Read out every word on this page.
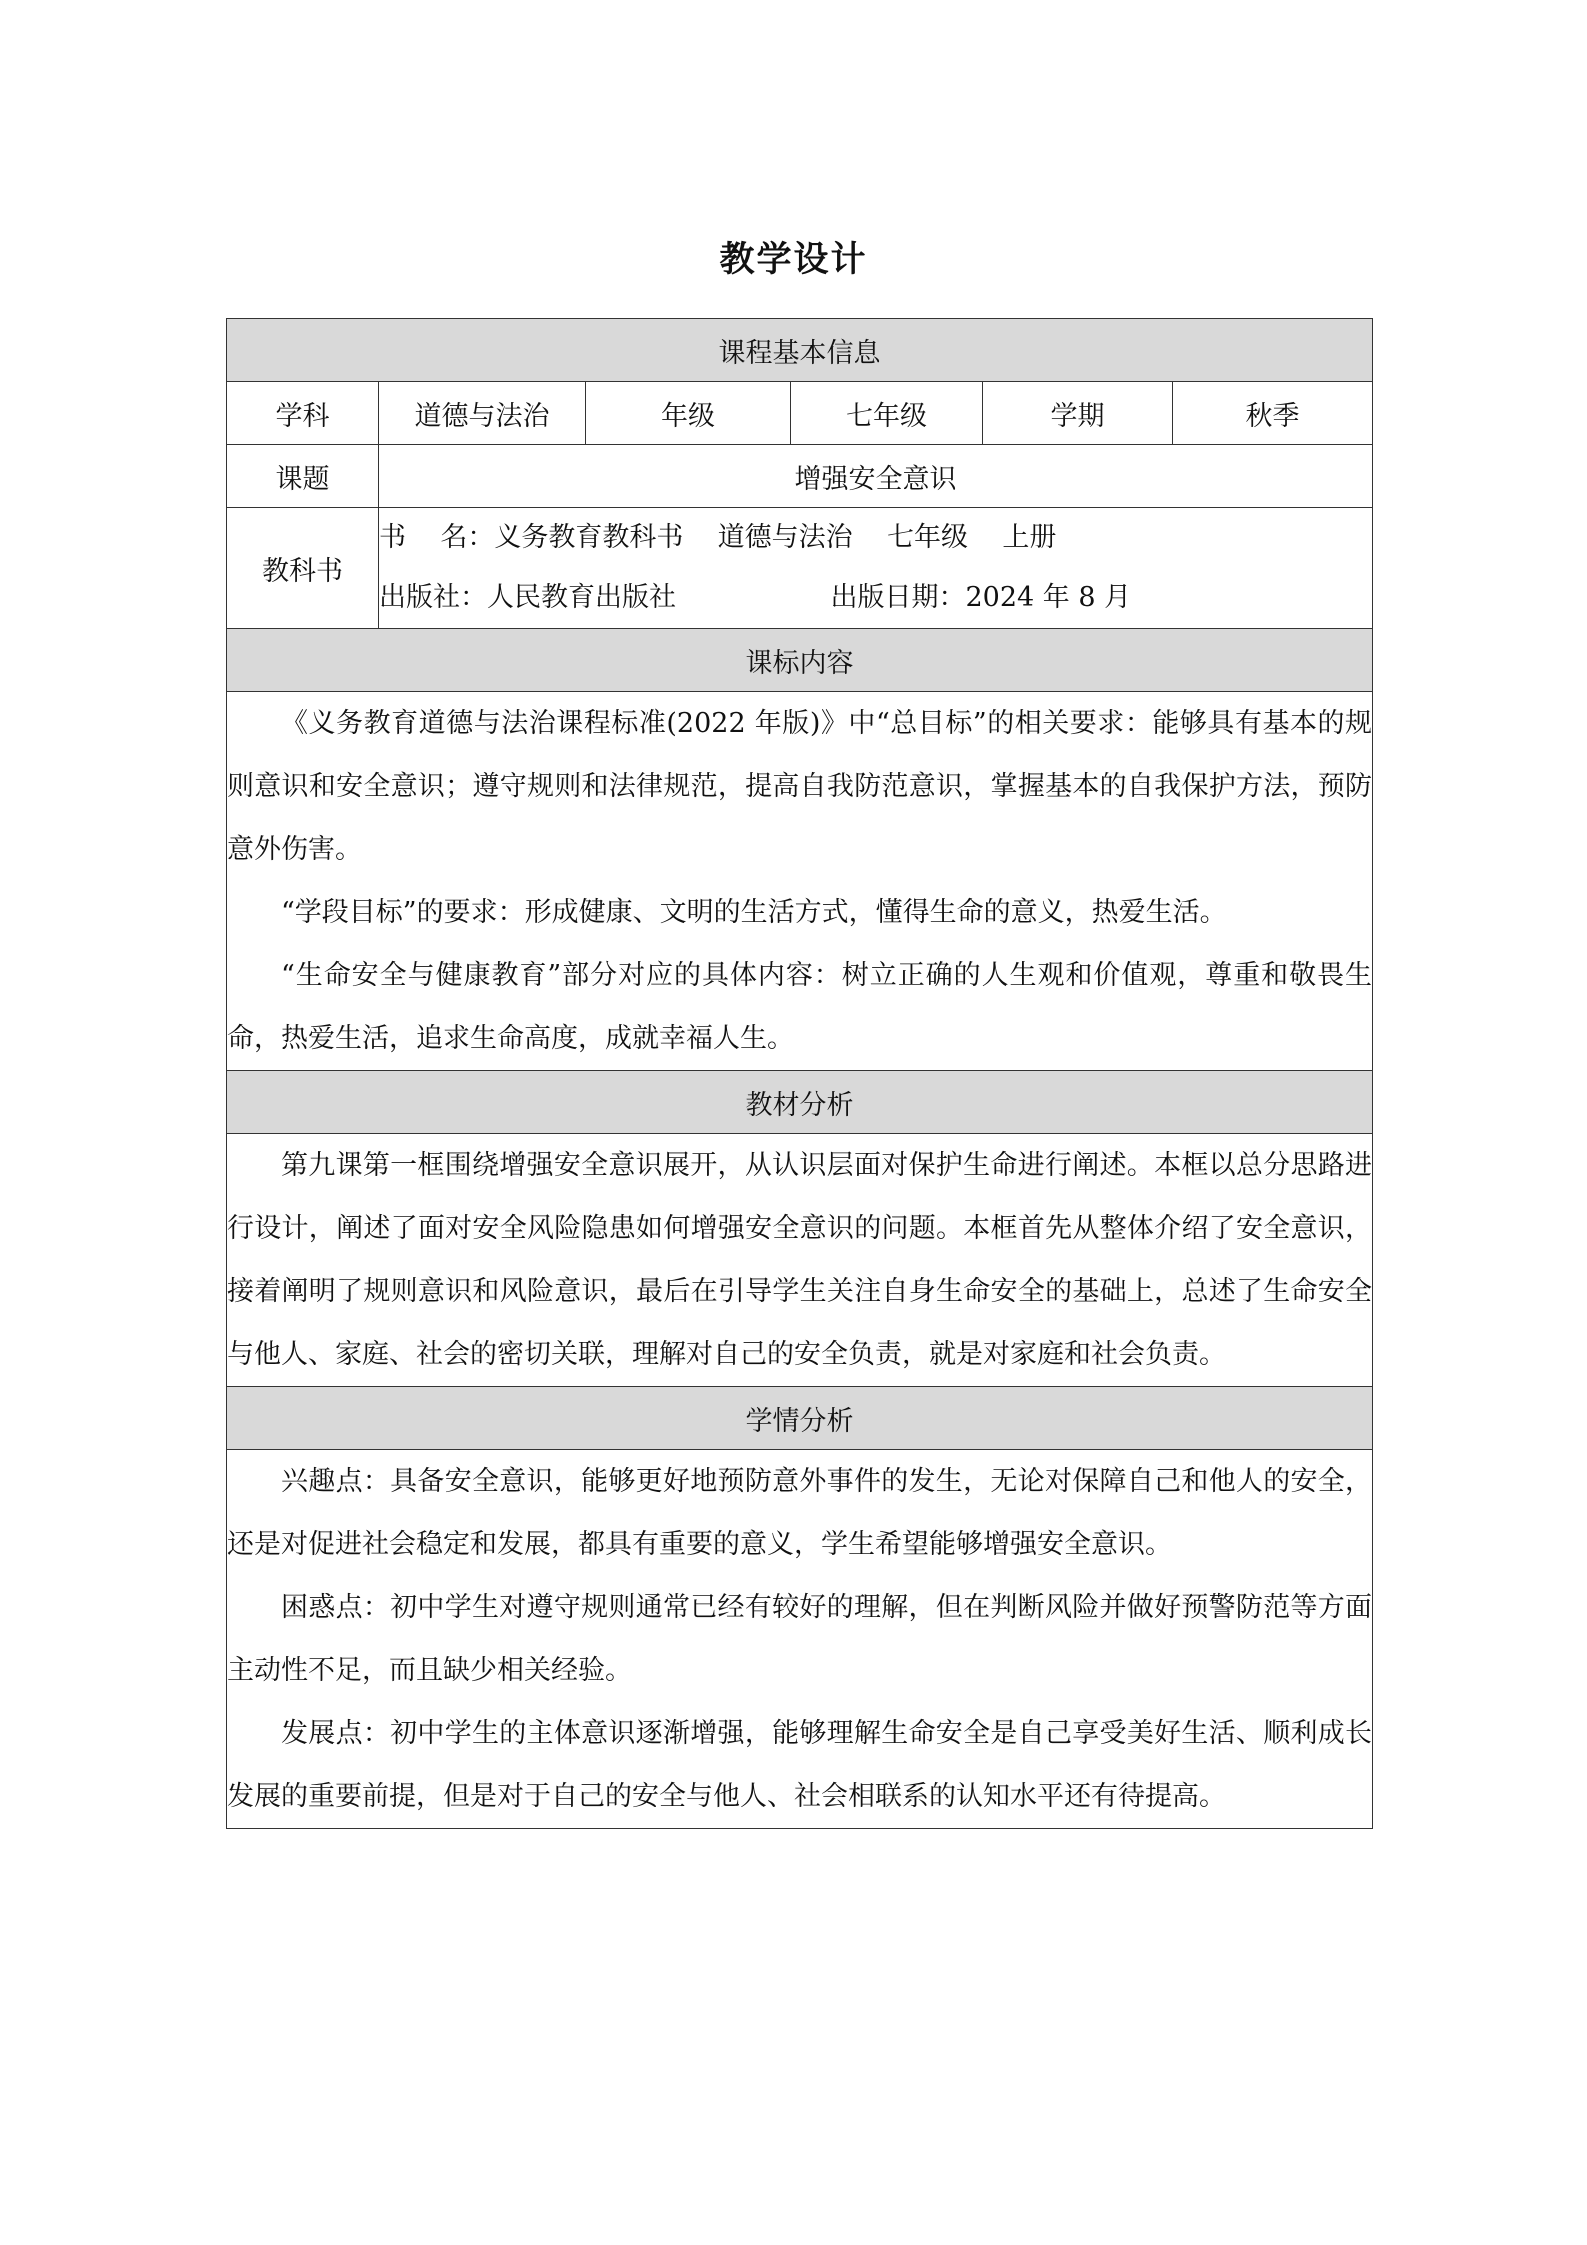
教学设计
课程基本信息					
学科	道德与法治	年级	七年级	学期	秋季
课题	增强安全意识				
教科书	书    名：义务教育教科书    道德与法治    七年级    上册
出版社：人民教育出版社                  出版日期：2024 年 8 月				

课标内容					

《义务教育道德与法治课程标准(2022 年版)》中“总目标”的相关要求：能够具有基本的规则意识和安全意识；遵守规则和法律规范，提高自我防范意识，掌握基本的自我保护方法，预防意外伤害。

“学段目标”的要求：形成健康、文明的生活方式，懂得生命的意义，热爱生活。

“生命安全与健康教育”部分对应的具体内容：树立正确的人生观和价值观，尊重和敬畏生命，热爱生活，追求生命高度，成就幸福人生。					

教材分析					

第九课第一框围绕增强安全意识展开，从认识层面对保护生命进行阐述。本框以总分思路进行设计，阐述了面对安全风险隐患如何增强安全意识的问题。本框首先从整体介绍了安全意识，接着阐明了规则意识和风险意识，最后在引导学生关注自身生命安全的基础上，总述了生命安全与他人、家庭、社会的密切关联，理解对自己的安全负责，就是对家庭和社会负责。					

学情分析					

兴趣点：具备安全意识，能够更好地预防意外事件的发生，无论对保障自己和他人的安全，还是对促进社会稳定和发展，都具有重要的意义，学生希望能够增强安全意识。

困惑点：初中学生对遵守规则通常已经有较好的理解，但在判断风险并做好预警防范等方面主动性不足，而且缺少相关经验。

发展点：初中学生的主体意识逐渐增强，能够理解生命安全是自己享受美好生活、顺利成长发展的重要前提，但是对于自己的安全与他人、社会相联系的认知水平还有待提高。					
